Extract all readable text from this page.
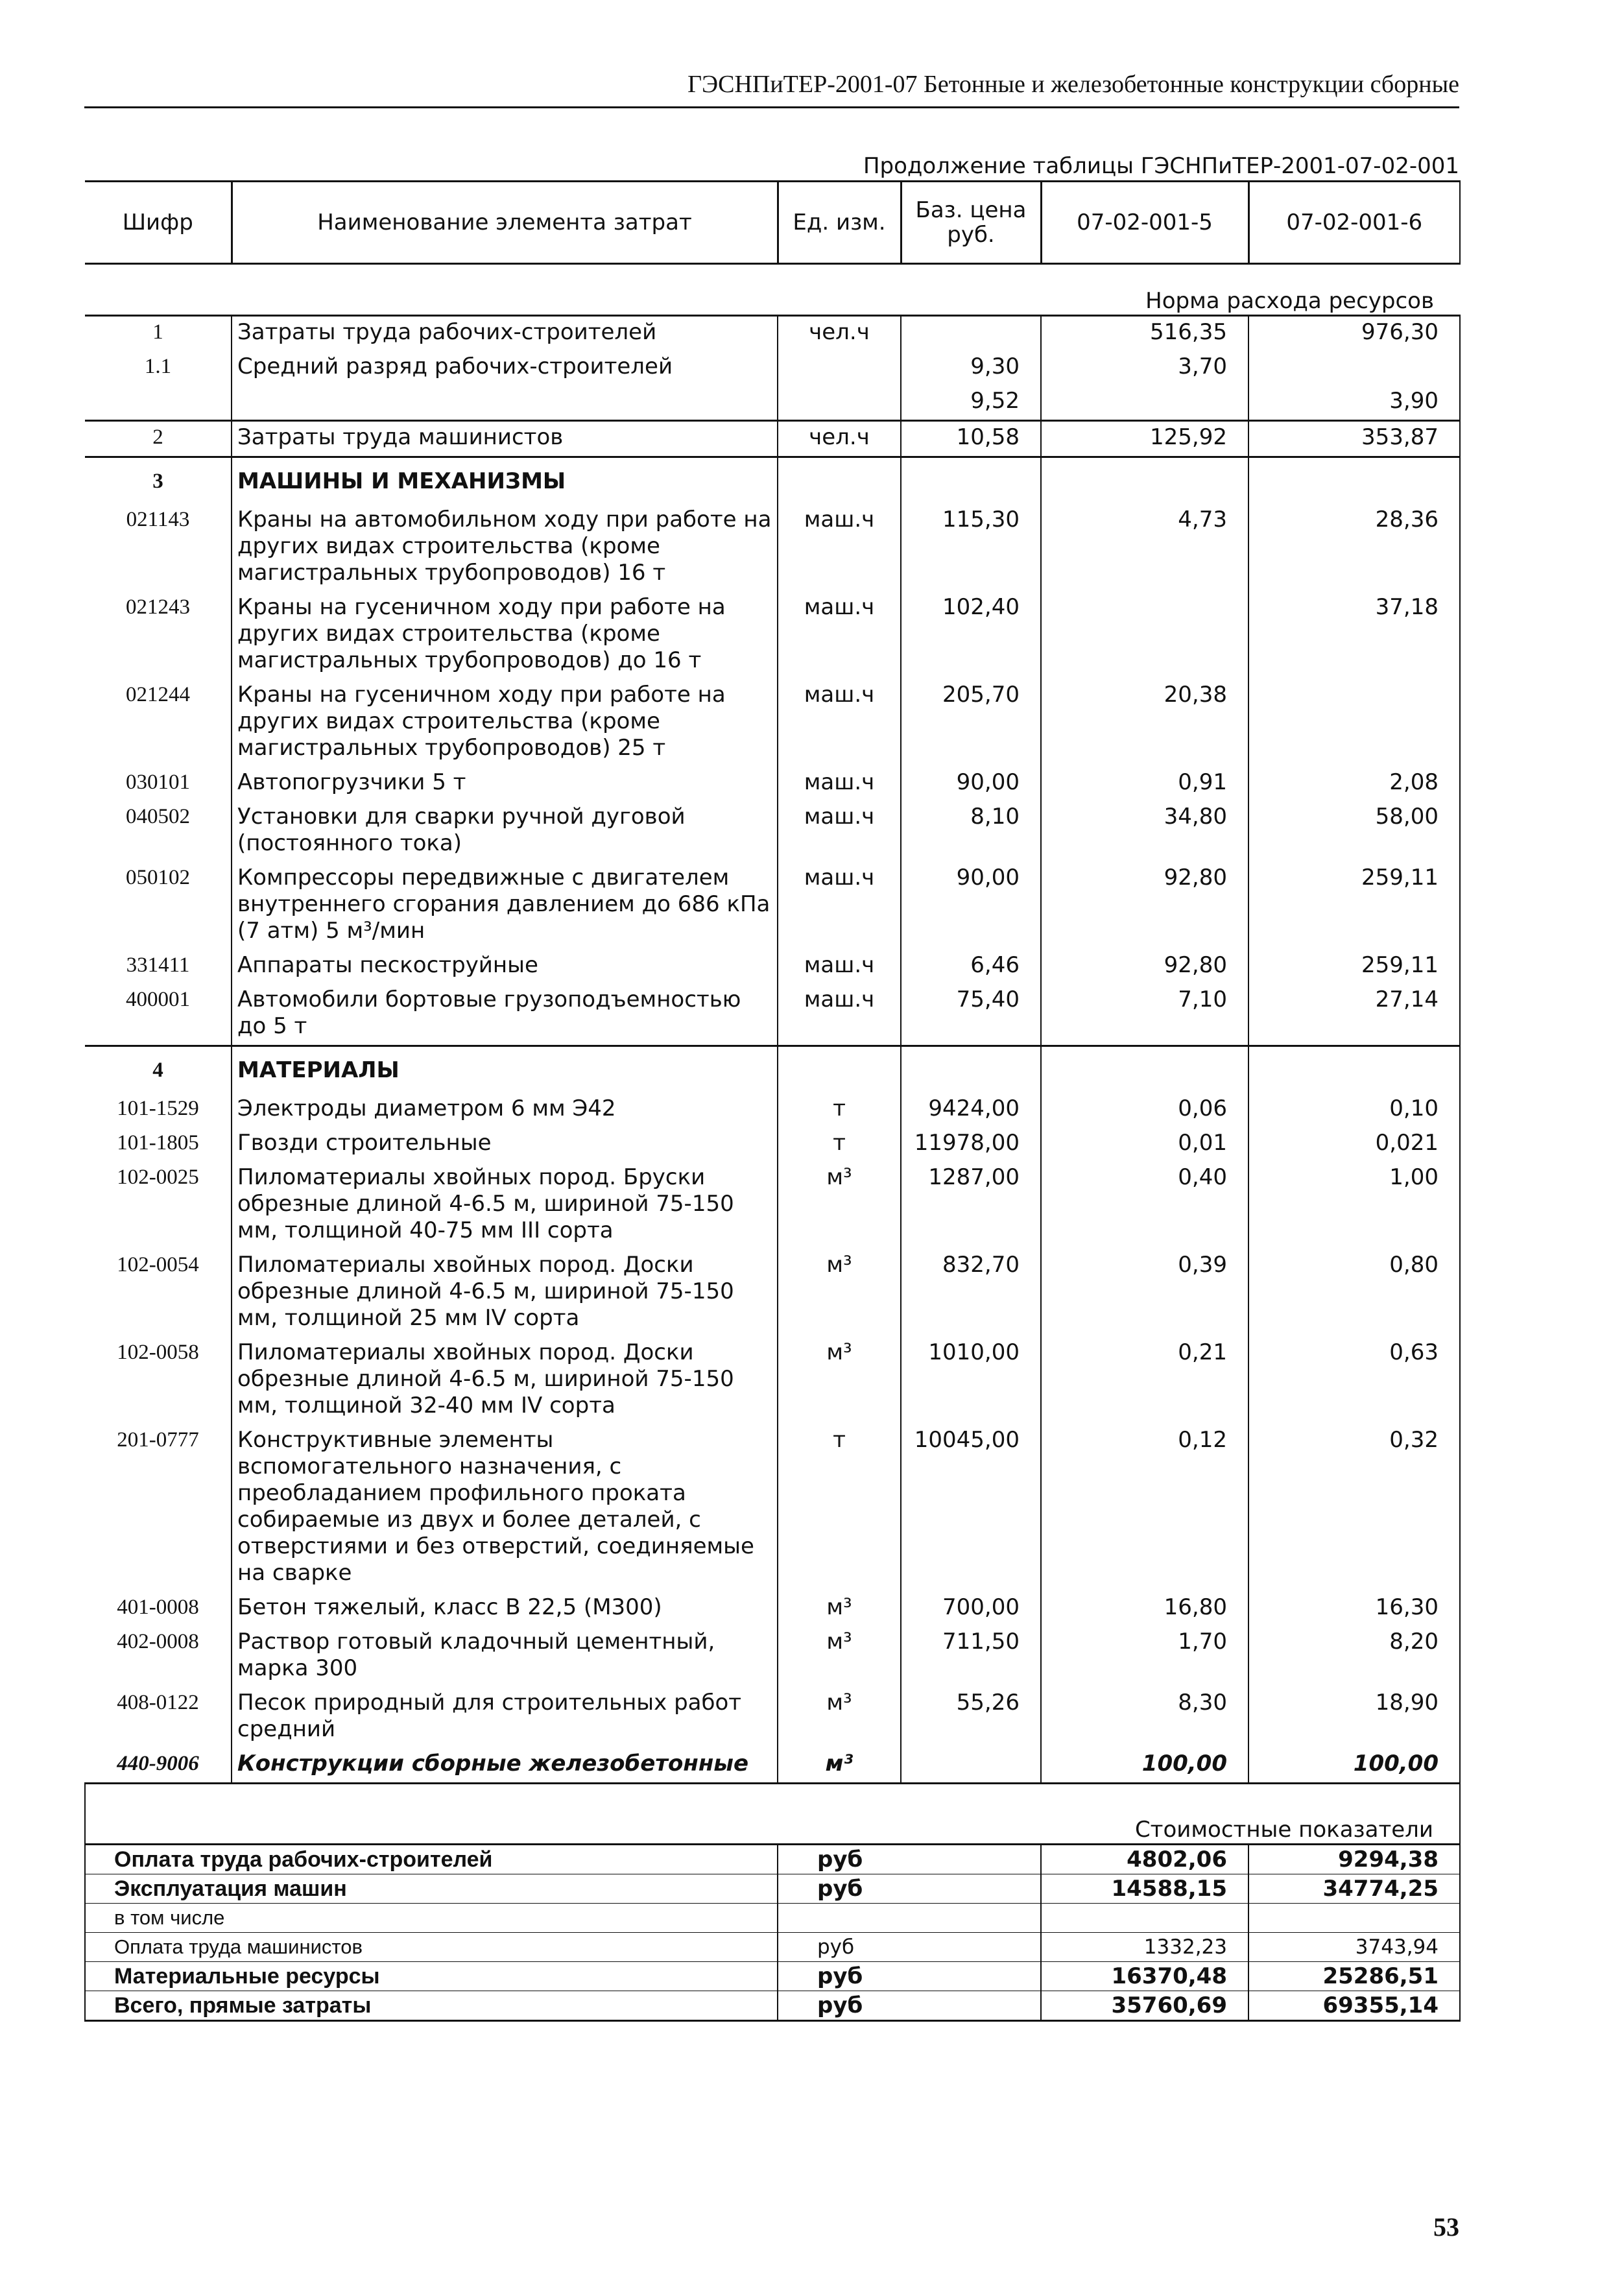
ГЭСНПиТЕР-2001-07 Бетонные и железобетонные конструкции сборные
Продолжение таблицы ГЭСНПиТЕР-2001-07-02-001
Шифр	Наименование элемента затрат	Ед. изм.	Баз. цена руб.	07-02-001-5	07-02-001-6
				Норма расхода ресурсов	
1	Затраты труда рабочих-строителей	чел.ч		516,35	976,30
1.1	Средний разряд рабочих-строителей		9,30	3,70	
			9,52		3,90
2	Затраты труда машинистов	чел.ч	10,58	125,92	353,87
3	МАШИНЫ И МЕХАНИЗМЫ				
021143	Краны на автомобильном ходу при работе на других видах строительства (кроме магистральных трубопроводов) 16 т	маш.ч	115,30	4,73	28,36
021243	Краны на гусеничном ходу при работе на других видах строительства (кроме магистральных трубопроводов) до 16 т	маш.ч	102,40		37,18
021244	Краны на гусеничном ходу при работе на других видах строительства (кроме магистральных трубопроводов) 25 т	маш.ч	205,70	20,38	
030101	Автопогрузчики 5 т	маш.ч	90,00	0,91	2,08
040502	Установки для сварки ручной дуговой (постоянного тока)	маш.ч	8,10	34,80	58,00
050102	Компрессоры передвижные с двигателем внутреннего сгорания давлением до 686 кПа (7 атм) 5 м³/мин	маш.ч	90,00	92,80	259,11
331411	Аппараты пескоструйные	маш.ч	6,46	92,80	259,11
400001	Автомобили бортовые грузоподъемностью до 5 т	маш.ч	75,40	7,10	27,14
4	МАТЕРИАЛЫ				
101-1529	Электроды диаметром 6 мм Э42	т	9424,00	0,06	0,10
101-1805	Гвозди строительные	т	11978,00	0,01	0,021
102-0025	Пиломатериалы хвойных пород. Бруски обрезные длиной 4-6.5 м, шириной 75-150 мм, толщиной 40-75 мм III сорта	м³	1287,00	0,40	1,00
102-0054	Пиломатериалы хвойных пород. Доски обрезные длиной 4-6.5 м, шириной 75-150 мм, толщиной 25 мм IV сорта	м³	832,70	0,39	0,80
102-0058	Пиломатериалы хвойных пород. Доски обрезные длиной 4-6.5 м, шириной 75-150 мм, толщиной 32-40 мм IV сорта	м³	1010,00	0,21	0,63
201-0777	Конструктивные элементы вспомогательного назначения, с преобладанием профильного проката собираемые из двух и более деталей, с отверстиями и без отверстий, соединяемые на сварке	т	10045,00	0,12	0,32
401-0008	Бетон тяжелый, класс В 22,5 (М300)	м³	700,00	16,80	16,30
402-0008	Раствор готовый кладочный цементный, марка 300	м³	711,50	1,70	8,20
408-0122	Песок природный для строительных работ средний	м³	55,26	8,30	18,90
440-9006	Конструкции сборные железобетонные	м³		100,00	100,00

Стоимостные показатели					
Оплата труда рабочих-строителей		руб		4802,06	9294,38
Эксплуатация машин		руб		14588,15	34774,25
в том числе					
Оплата труда машинистов		руб		1332,23	3743,94
Материальные ресурсы		руб		16370,48	25286,51
Всего, прямые затраты		руб		35760,69	69355,14
53
